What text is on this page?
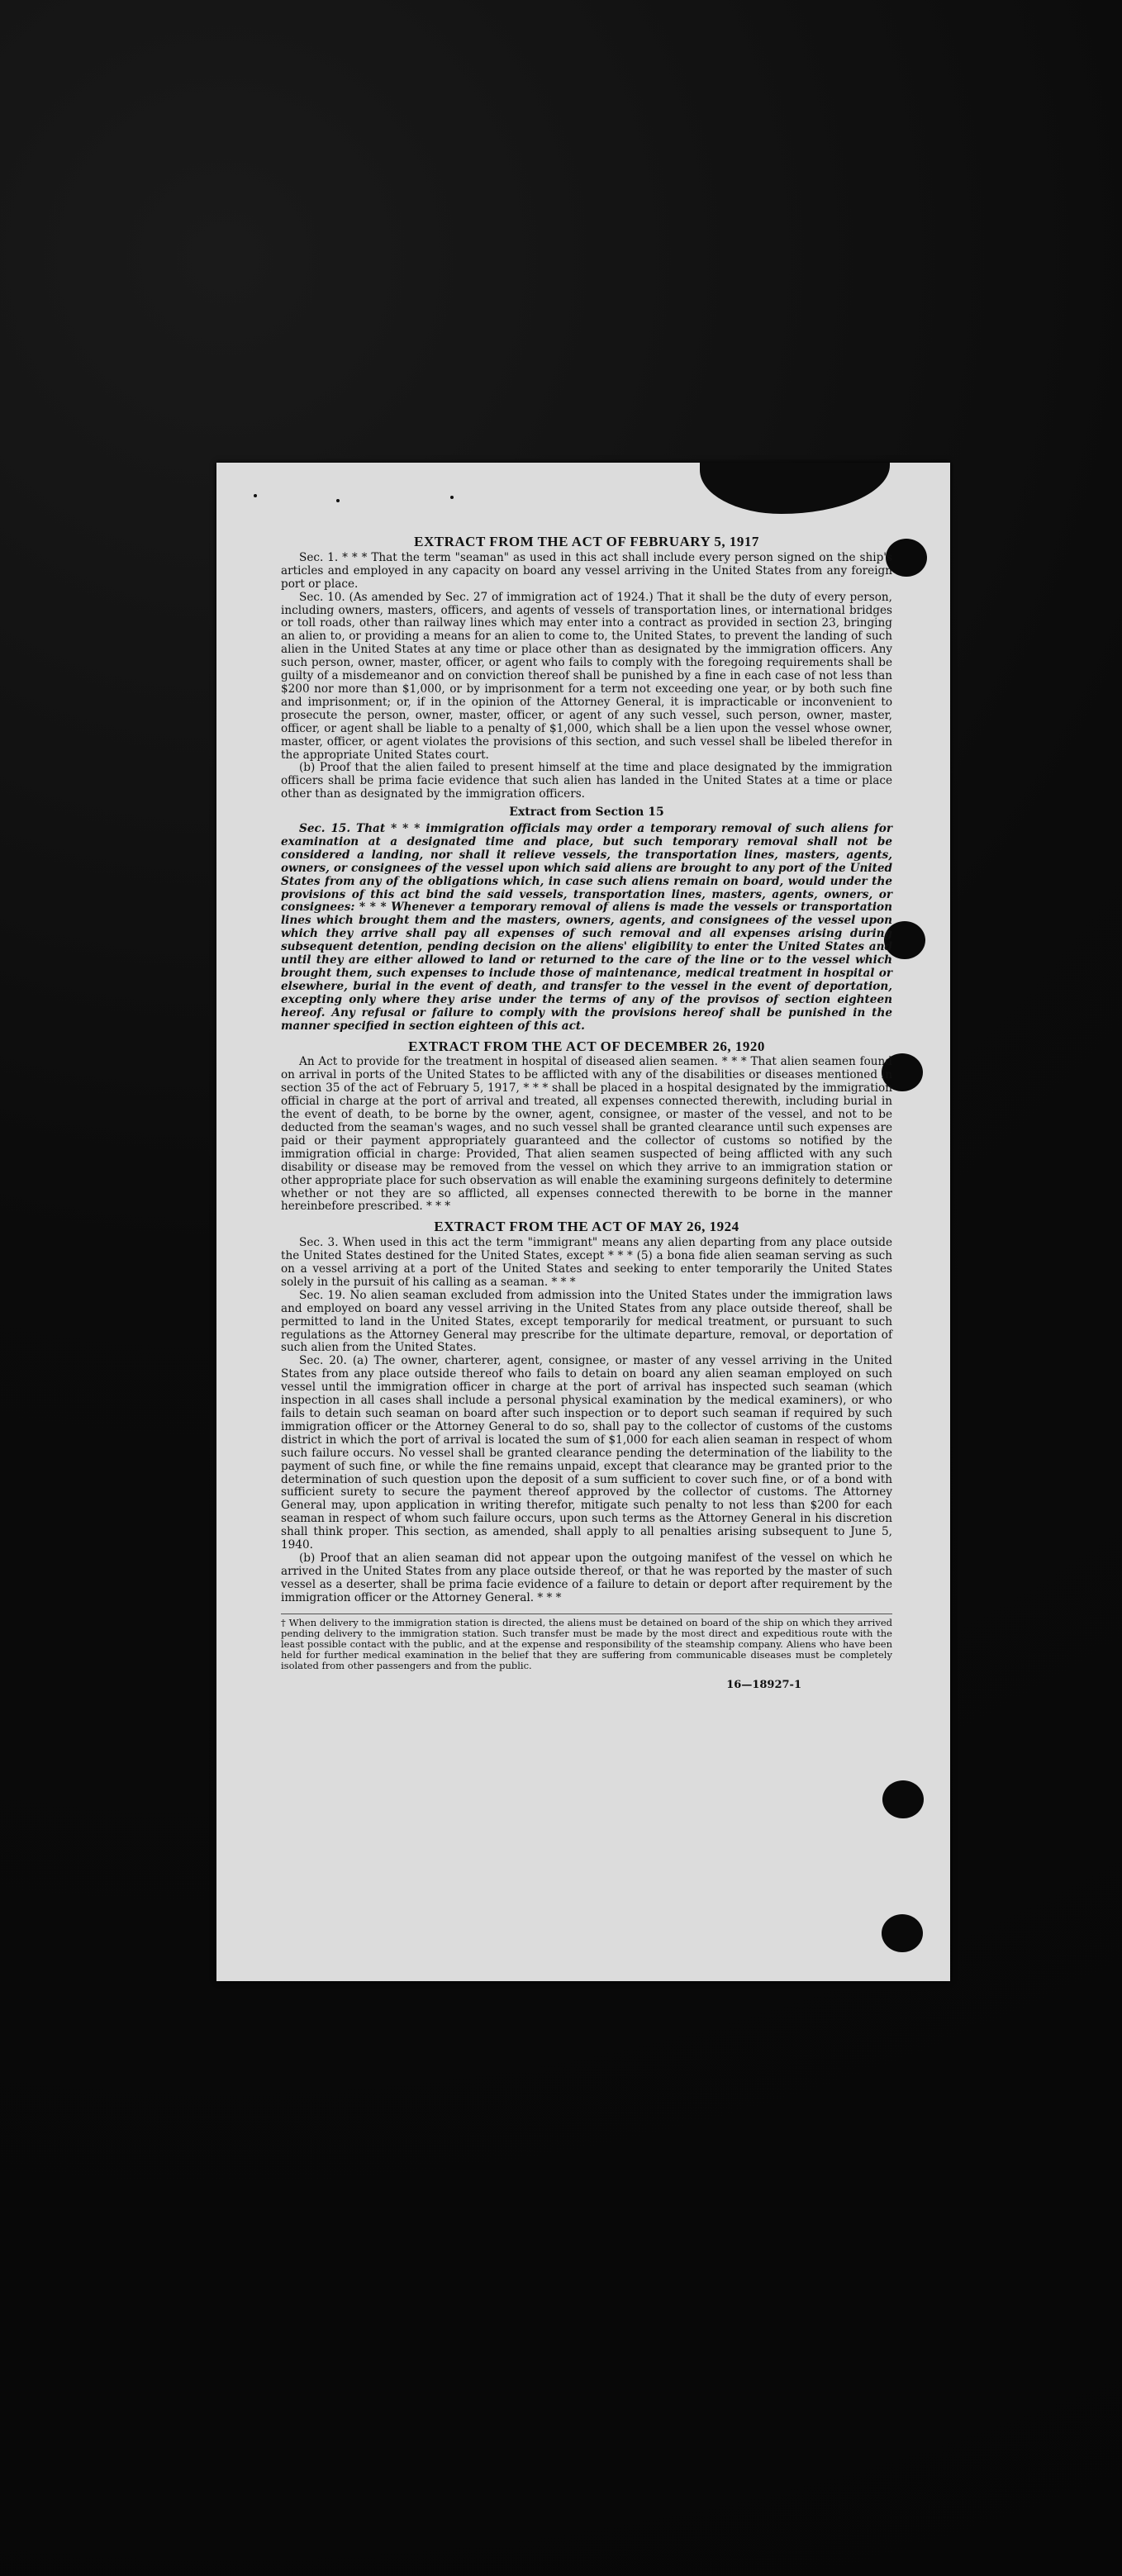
EXTRACT FROM THE ACT OF FEBRUARY 5, 1917

Sec. 1. * * * That the term "seaman" as used in this act shall include every person signed on the ship's articles and employed in any capacity on board any vessel arriving in the United States from any foreign port or place.

Sec. 10. (As amended by Sec. 27 of immigration act of 1924.) That it shall be the duty of every person, including owners, masters, officers, and agents of vessels of transportation lines, or international bridges or toll roads, other than railway lines which may enter into a contract as provided in section 23, bringing an alien to, or providing a means for an alien to come to, the United States, to prevent the landing of such alien in the United States at any time or place other than as designated by the immigration officers. Any such person, owner, master, officer, or agent who fails to comply with the foregoing requirements shall be guilty of a misdemeanor and on conviction thereof shall be punished by a fine in each case of not less than $200 nor more than $1,000, or by imprisonment for a term not exceeding one year, or by both such fine and imprisonment; or, if in the opinion of the Attorney General, it is impracticable or inconvenient to prosecute the person, owner, master, officer, or agent of any such vessel, such person, owner, master, officer, or agent shall be liable to a penalty of $1,000, which shall be a lien upon the vessel whose owner, master, officer, or agent violates the provisions of this section, and such vessel shall be libeled therefor in the appropriate United States court.

(b) Proof that the alien failed to present himself at the time and place designated by the immigration officers shall be prima facie evidence that such alien has landed in the United States at a time or place other than as designated by the immigration officers.

Extract from Section 15

Sec. 15. That * * * immigration officials may order a temporary removal of such aliens for examination at a designated time and place, but such temporary removal shall not be considered a landing, nor shall it relieve vessels, the transportation lines, masters, agents, owners, or consignees of the vessel upon which said aliens are brought to any port of the United States from any of the obligations which, in case such aliens remain on board, would under the provisions of this act bind the said vessels, transportation lines, masters, agents, owners, or consignees: * * * Whenever a temporary removal of aliens is made the vessels or transportation lines which brought them and the masters, owners, agents, and consignees of the vessel upon which they arrive shall pay all expenses of such removal and all expenses arising during subsequent detention, pending decision on the aliens' eligibility to enter the United States and until they are either allowed to land or returned to the care of the line or to the vessel which brought them, such expenses to include those of maintenance, medical treatment in hospital or elsewhere, burial in the event of death, and transfer to the vessel in the event of deportation, excepting only where they arise under the terms of any of the provisos of section eighteen hereof. Any refusal or failure to comply with the provisions hereof shall be punished in the manner specified in section eighteen of this act.

EXTRACT FROM THE ACT OF DECEMBER 26, 1920

An Act to provide for the treatment in hospital of diseased alien seamen. * * * That alien seamen found on arrival in ports of the United States to be afflicted with any of the disabilities or diseases mentioned in section 35 of the act of February 5, 1917, * * * shall be placed in a hospital designated by the immigration official in charge at the port of arrival and treated, all expenses connected therewith, including burial in the event of death, to be borne by the owner, agent, consignee, or master of the vessel, and not to be deducted from the seaman's wages, and no such vessel shall be granted clearance until such expenses are paid or their payment appropriately guaranteed and the collector of customs so notified by the immigration official in charge: Provided, That alien seamen suspected of being afflicted with any such disability or disease may be removed from the vessel on which they arrive to an immigration station or other appropriate place for such observation as will enable the examining surgeons definitely to determine whether or not they are so afflicted, all expenses connected therewith to be borne in the manner hereinbefore prescribed. * * *

EXTRACT FROM THE ACT OF MAY 26, 1924

Sec. 3. When used in this act the term "immigrant" means any alien departing from any place outside the United States destined for the United States, except * * * (5) a bona fide alien seaman serving as such on a vessel arriving at a port of the United States and seeking to enter temporarily the United States solely in the pursuit of his calling as a seaman. * * *

Sec. 19. No alien seaman excluded from admission into the United States under the immigration laws and employed on board any vessel arriving in the United States from any place outside thereof, shall be permitted to land in the United States, except temporarily for medical treatment, or pursuant to such regulations as the Attorney General may prescribe for the ultimate departure, removal, or deportation of such alien from the United States.

Sec. 20. (a) The owner, charterer, agent, consignee, or master of any vessel arriving in the United States from any place outside thereof who fails to detain on board any alien seaman employed on such vessel until the immigration officer in charge at the port of arrival has inspected such seaman (which inspection in all cases shall include a personal physical examination by the medical examiners), or who fails to detain such seaman on board after such inspection or to deport such seaman if required by such immigration officer or the Attorney General to do so, shall pay to the collector of customs of the customs district in which the port of arrival is located the sum of $1,000 for each alien seaman in respect of whom such failure occurs. No vessel shall be granted clearance pending the determination of the liability to the payment of such fine, or while the fine remains unpaid, except that clearance may be granted prior to the determination of such question upon the deposit of a sum sufficient to cover such fine, or of a bond with sufficient surety to secure the payment thereof approved by the collector of customs. The Attorney General may, upon application in writing therefor, mitigate such penalty to not less than $200 for each seaman in respect of whom such failure occurs, upon such terms as the Attorney General in his discretion shall think proper. This section, as amended, shall apply to all penalties arising subsequent to June 5, 1940.

(b) Proof that an alien seaman did not appear upon the outgoing manifest of the vessel on which he arrived in the United States from any place outside thereof, or that he was reported by the master of such vessel as a deserter, shall be prima facie evidence of a failure to detain or deport after requirement by the immigration officer or the Attorney General. * * *

† When delivery to the immigration station is directed, the aliens must be detained on board of the ship on which they arrived pending delivery to the immigration station. Such transfer must be made by the most direct and expeditious route with the least possible contact with the public, and at the expense and responsibility of the steamship company. Aliens who have been held for further medical examination in the belief that they are suffering from communicable diseases must be completely isolated from other passengers and from the public.
16—18927-1
